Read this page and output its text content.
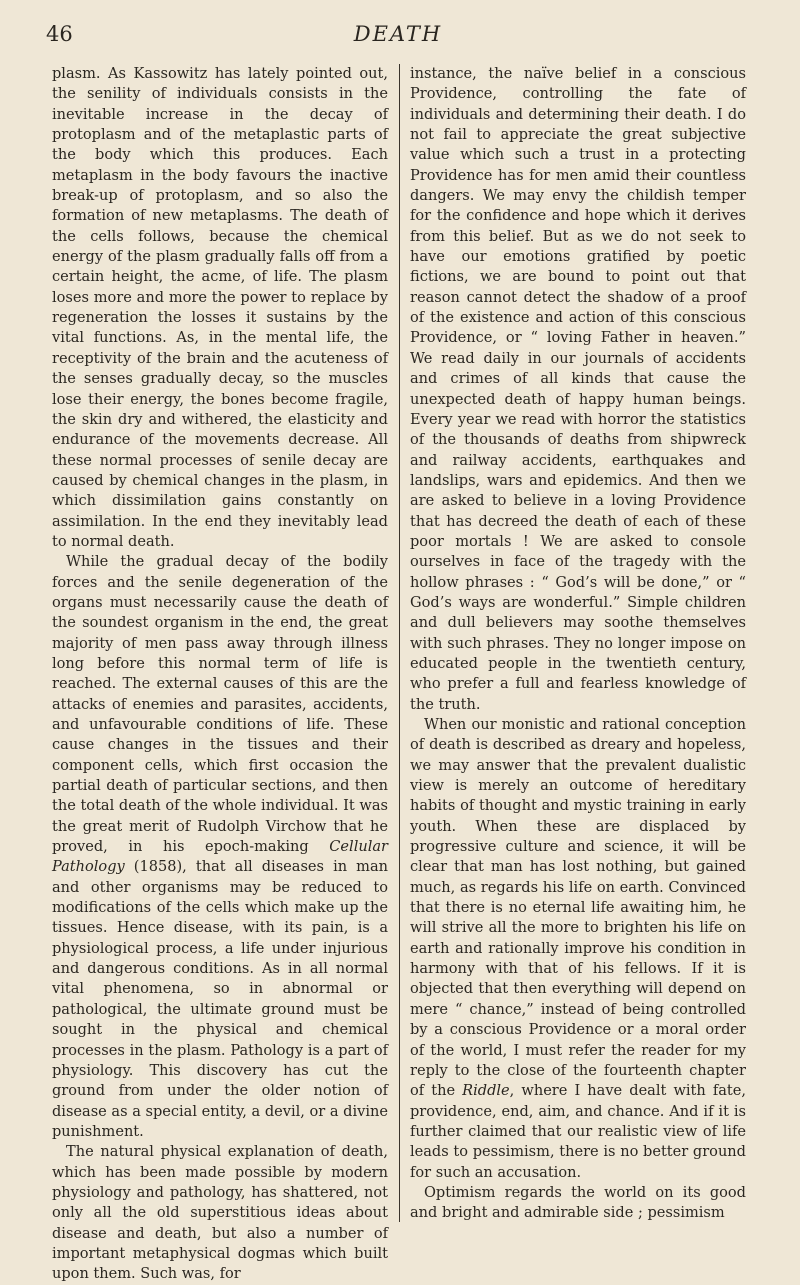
46	DEATH

plasm. As Kassowitz has lately pointed out, the senility of individuals consists in the inevitable increase in the decay of protoplasm and of the metaplastic parts of the body which this produces. Each metaplasm in the body favours the inactive break-up of protoplasm, and so also the formation of new metaplasms. The death of the cells follows, because the chemical energy of the plasm gradually falls off from a certain height, the acme, of life. The plasm loses more and more the power to replace by regeneration the losses it sustains by the vital functions. As, in the mental life, the receptivity of the brain and the acuteness of the senses gradually decay, so the muscles lose their energy, the bones become fragile, the skin dry and withered, the elasticity and endurance of the movements decrease. All these normal processes of senile decay are caused by chemical changes in the plasm, in which dissimilation gains constantly on assimilation. In the end they inevitably lead to normal death.

While the gradual decay of the bodily forces and the senile degeneration of the organs must necessarily cause the death of the soundest organism in the end, the great majority of men pass away through illness long before this normal term of life is reached. The external causes of this are the attacks of enemies and parasites, accidents, and unfavourable conditions of life. These cause changes in the tissues and their component cells, which first occasion the partial death of particular sections, and then the total death of the whole individual. It was the great merit of Rudolph Virchow that he proved, in his epoch-making Cellular Pathology (1858), that all diseases in man and other organisms may be reduced to modifications of the cells which make up the tissues. Hence disease, with its pain, is a physiological process, a life under injurious and dangerous conditions. As in all normal vital phenomena, so in abnormal or pathological, the ultimate ground must be sought in the physical and chemical processes in the plasm. Pathology is a part of physiology. This discovery has cut the ground from under the older notion of disease as a special entity, a devil, or a divine punishment.

The natural physical explanation of death, which has been made possible by modern physiology and pathology, has shattered, not only all the old superstitious ideas about disease and death, but also a number of important metaphysical dogmas which built upon them. Such was, for

instance, the naïve belief in a conscious Providence, controlling the fate of individuals and determining their death. I do not fail to appreciate the great subjective value which such a trust in a protecting Providence has for men amid their countless dangers. We may envy the childish temper for the confidence and hope which it derives from this belief. But as we do not seek to have our emotions gratified by poetic fictions, we are bound to point out that reason cannot detect the shadow of a proof of the existence and action of this conscious Providence, or “ loving Father in heaven.” We read daily in our journals of accidents and crimes of all kinds that cause the unexpected death of happy human beings. Every year we read with horror the statistics of the thousands of deaths from shipwreck and railway accidents, earthquakes and landslips, wars and epidemics. And then we are asked to believe in a loving Providence that has decreed the death of each of these poor mortals ! We are asked to console ourselves in face of the tragedy with the hollow phrases : “ God’s will be done,” or “ God’s ways are wonderful.” Simple children and dull believers may soothe themselves with such phrases. They no longer impose on educated people in the twentieth century, who prefer a full and fearless knowledge of the truth.

When our monistic and rational conception of death is described as dreary and hopeless, we may answer that the prevalent dualistic view is merely an outcome of hereditary habits of thought and mystic training in early youth. When these are displaced by progressive culture and science, it will be clear that man has lost nothing, but gained much, as regards his life on earth. Convinced that there is no eternal life awaiting him, he will strive all the more to brighten his life on earth and rationally improve his condition in harmony with that of his fellows. If it is objected that then everything will depend on mere “ chance,” instead of being controlled by a conscious Providence or a moral order of the world, I must refer the reader for my reply to the close of the fourteenth chapter of the Riddle, where I have dealt with fate, providence, end, aim, and chance. And if it is further claimed that our realistic view of life leads to pessimism, there is no better ground for such an accusation.

Optimism regards the world on its good and bright and admirable side ; pessimism
